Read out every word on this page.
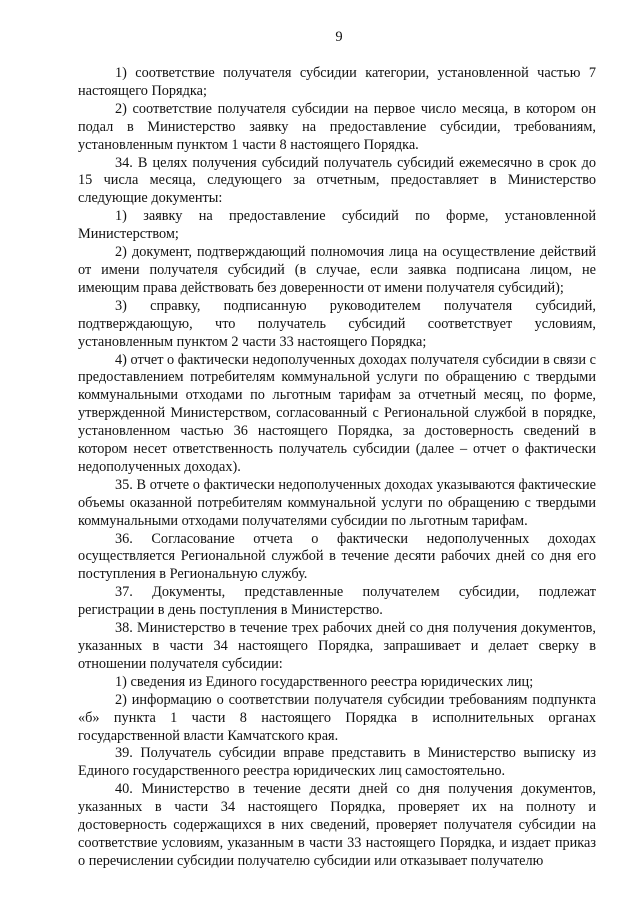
9

1) соответствие получателя субсидии категории, установленной частью 7 настоящего Порядка;

2) соответствие получателя субсидии на первое число месяца, в котором он подал в Министерство заявку на предоставление субсидии, требованиям, установленным пунктом 1 части 8 настоящего Порядка.

34. В целях получения субсидий получатель субсидий ежемесячно в срок до 15 числа месяца, следующего за отчетным, предоставляет в Министерство следующие документы:

1) заявку на предоставление субсидий по форме, установленной Министерством;

2) документ, подтверждающий полномочия лица на осуществление действий от имени получателя субсидий (в случае, если заявка подписана лицом, не имеющим права действовать без доверенности от имени получателя субсидий);

3) справку, подписанную руководителем получателя субсидий, подтверждающую, что получатель субсидий соответствует условиям, установленным пунктом 2 части 33 настоящего Порядка;

4) отчет о фактически недополученных доходах получателя субсидии в связи с предоставлением потребителям коммунальной услуги по обращению с твердыми коммунальными отходами по льготным тарифам за отчетный месяц, по форме, утвержденной Министерством, согласованный с Региональной службой в порядке, установленном частью 36 настоящего Порядка, за достоверность сведений в котором несет ответственность получатель субсидии (далее – отчет о фактически недополученных доходах).

35. В отчете о фактически недополученных доходах указываются фактические объемы оказанной потребителям коммунальной услуги по обращению с твердыми коммунальными отходами получателями субсидии по льготным тарифам.

36. Согласование отчета о фактически недополученных доходах осуществляется Региональной службой в течение десяти рабочих дней со дня его поступления в Региональную службу.

37. Документы, представленные получателем субсидии, подлежат регистрации в день поступления в Министерство.

38. Министерство в течение трех рабочих дней со дня получения документов, указанных в части 34 настоящего Порядка, запрашивает и делает сверку в отношении получателя субсидии:

1) сведения из Единого государственного реестра юридических лиц;

2) информацию о соответствии получателя субсидии требованиям подпункта «б» пункта 1 части 8 настоящего Порядка в исполнительных органах государственной власти Камчатского края.

39. Получатель субсидии вправе представить в Министерство выписку из Единого государственного реестра юридических лиц самостоятельно.

40. Министерство в течение десяти дней со дня получения документов, указанных в части 34 настоящего Порядка, проверяет их на полноту и достоверность содержащихся в них сведений, проверяет получателя субсидии на соответствие условиям, указанным в части 33 настоящего Порядка, и издает приказ о перечислении субсидии получателю субсидии или отказывает получателю
